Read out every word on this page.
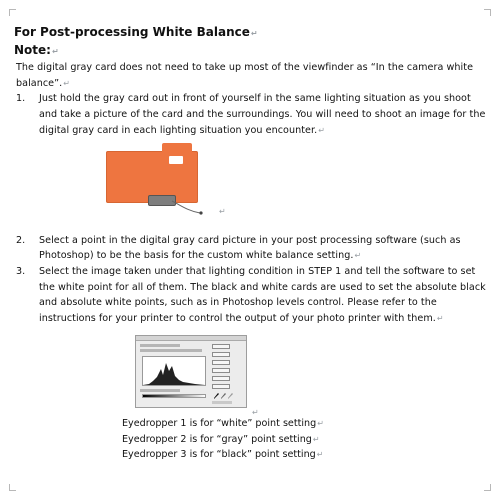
For Post-processing White Balance↵
Note:↵
The digital gray card does not need to take up most of the viewfinder as “In the camera white balance”.↵
1. Just hold the gray card out in front of yourself in the same lighting situation as you shoot and take a picture of the card and the surroundings. You will need to shoot an image for the digital gray card in each lighting situation you encounter.↵
↵
2. Select a point in the digital gray card picture in your post processing software (such as Photoshop) to be the basis for the custom white balance setting.↵
3. Select the image taken under that lighting condition in STEP 1 and tell the software to set the white point for all of them. The black and white cards are used to set the absolute black and absolute white points, such as in Photoshop levels control. Please refer to the instructions for your printer to control the output of your photo printer with them.↵
↵
Eyedropper 1 is for “white” point setting↵
Eyedropper 2 is for “gray” point setting↵
Eyedropper 3 is for “black” point setting↵
